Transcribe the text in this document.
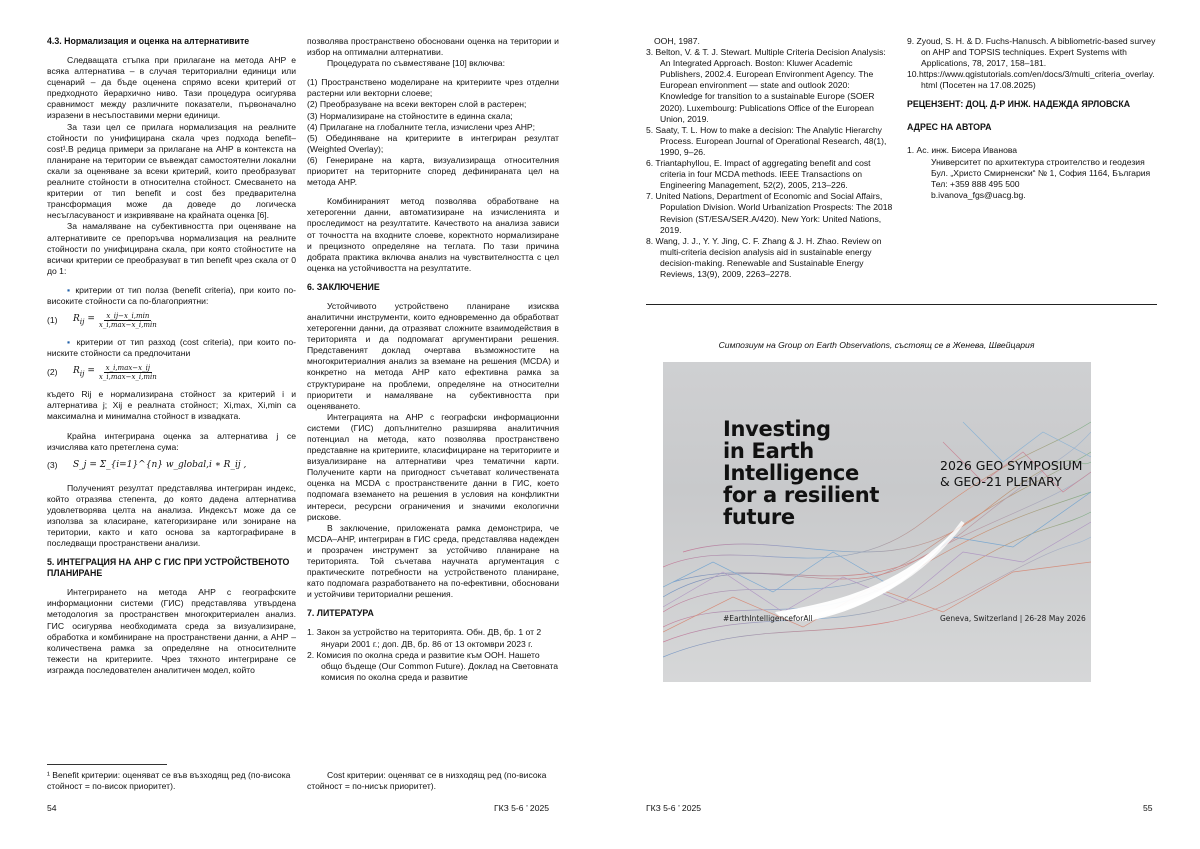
4.3. Нормализация и оценка на алтернативите

Следващата стъпка при прилагане на метода AHP е всяка алтернатива – в случая териториални единици или сценарий – да бъде оценена спрямо всеки критерий от предходното йерархично ниво. Тази процедура осигурява сравнимост между различните показатели, първоначално изразени в несъпоставими мерни единици.

За тази цел се прилага нормализация на реалните стойности по унифицирана скала чрез подхода benefit–cost¹.В редица примери за прилагане на AHP в контекста на планиране на територии се въвеждат самостоятелни локални скали за оценяване за всеки критерий, които преобразуват реалните стойности в относителна стойност. Смесването на критерии от тип benefit и cost без предварителна трансформация може да доведе до логическа несъгласуваност и изкривяване на крайната оценка [6].

За намаляване на субективността при оценяване на алтернативите се препоръчва нормализация на реалните стойности по унифицирана скала, при която стойностите на всички критерии се преобразуват в тип benefit чрез скала от 0 до 1:

▪ критерии от тип полза (benefit criteria), при които по-високите стойности са по-благоприятни:

(1)	$R_{ij} = \frac{x\_ij-x\_i,\min}{x\_i,\max-x\_i,\min}$

▪ критерии от тип разход (cost criteria), при които по-ниските стойности са предпочитани

(2)	$R_{ij} = \frac{x\_i,\max-x\_ij}{x\_i,\max-x\_i,\min}$

където Rij е нормализирана стойност за критерий i и алтернатива j; Xij е реалната стойност; Xi,max, Xi,min са максимална и минимална стойност в извадката.

Крайна интегрирана оценка за алтернатива j се изчислява като претеглена сума:

(3)	S_j = Σ_{i=1}^{n} w_global,i ∗ R_ij ,

Полученият резултат представлява интегриран индекс, който отразява степента, до която дадена алтернатива удовлетворява целта на анализа. Индексът може да се използва за класиране, категоризиране или зониране на територии, както и като основа за картографиране в последващи пространствени анализи.

5. ИНТЕГРАЦИЯ НА AHP С ГИС ПРИ УСТРОЙСТВЕНОТО ПЛАНИРАНЕ

Интегрирането на метода AHP с географските информационни системи (ГИС) представлява утвърдена методология за пространствен многокритериален анализ. ГИС осигурява необходимата среда за визуализиране, обработка и комбиниране на пространствени данни, а AHP – количествена рамка за определяне на относителните тежести на критериите. Чрез тяхното интегриране се изгражда последователен аналитичен модел, който

¹ Benefit критерии: оценяват се във възходящ ред (по-висока стойност = по-висок приоритет).
54

позволява пространствено обосновани оценка на територии и избор на оптимални алтернативи.

Процедурата по съвместяване [10] включва:

(1) Пространствено моделиране на критериите чрез отделни растерни или векторни слоеве;

(2) Преобразуване на всеки векторен слой в растерен;

(3) Нормализиране на стойностите в единна скала;

(4) Прилагане на глобалните тегла, изчислени чрез AHP;

(5) Обединяване на критериите в интегриран резултат (Weighted Overlay);

(6) Генериране на карта, визуализираща относителния приоритет на територните според дефинираната цел на метода AHP.

Комбинираният метод позволява обработване на хетерогенни данни, автоматизиране на изчисленията и проследимост на резултатите. Качеството на анализа зависи от точността на входните слоеве, коректното нормализиране и прецизното определяне на теглата. По тази причина добрата практика включва анализ на чувствителността с цел оценка на устойчивостта на резултатите.

6. ЗАКЛЮЧЕНИЕ

Устойчивото устройствено планиране изисква аналитични инструменти, които едновременно да обработват хетерогенни данни, да отразяват сложните взаимодействия в територията и да подпомагат аргументирани решения. Представеният доклад очертава възможностите на многокритериалния анализ за вземане на решения (MCDA) и конкретно на метода AHP като ефективна рамка за структуриране на проблеми, определяне на относителни приоритети и намаляване на субективността при оценяването.

Интеграцията на AHP с географски информационни системи (ГИС) допълнително разширява аналитичния потенциал на метода, като позволява пространствено представяне на критериите, класифициране на териториите и визуализиране на алтернативи чрез тематични карти. Получените карти на пригодност съчетават количествената оценка на MCDA с пространствените данни в ГИС, което подпомага вземането на решения в условия на конфликтни интереси, ресурсни ограничения и значими екологични рискове.

В заключение, приложената рамка демонстрира, че MCDA–AHP, интегриран в ГИС среда, представлява надежден и прозрачен инструмент за устойчиво планиране на територията. Той съчетава научната аргументация с практическите потребности на устройственото планиране, като подпомага разработването на по-ефективни, обосновани и устойчиви териториални решения.

7. ЛИТЕРАТУРА
1. Закон за устройство на територията. Обн. ДВ, бр. 1 от 2 януари 2001 г.; доп. ДВ, бр. 86 от 13 октомври 2023 г.
2. Комисия по околна среда и развитие към ООН. Нашето общо бъдеще (Our Common Future). Доклад на Световната комисия по околна среда и развитие
Cost критерии: оценяват се в низходящ ред (по-висока стойност = по-нисък приоритет).
ГКЗ 5-6 ’ 2025
ООН, 1987.
3. Belton, V. & T. J. Stewart. Multiple Criteria Decision Analysis: An Integrated Approach. Boston: Kluwer Academic Publishers, 2002.4. European Environment Agency. The European environment — state and outlook 2020: Knowledge for transition to a sustainable Europe (SOER 2020). Luxembourg: Publications Office of the European Union, 2019.
5. Saaty, T. L. How to make a decision: The Analytic Hierarchy Process. European Journal of Operational Research, 48(1), 1990, 9–26.
6. Triantaphyllou, E. Impact of aggregating benefit and cost criteria in four MCDA methods. IEEE Transactions on Engineering Management, 52(2), 2005, 213–226.
7. United Nations, Department of Economic and Social Affairs, Population Division. World Urbanization Prospects: The 2018 Revision (ST/ESA/SER.A/420). New York: United Nations, 2019.
8. Wang, J. J., Y. Y. Jing, C. F. Zhang & J. H. Zhao. Review on multi-criteria decision analysis aid in sustainable energy decision-making. Renewable and Sustainable Energy Reviews, 13(9), 2009, 2263–2278.
9. Zyoud, S. H. & D. Fuchs-Hanusch. A bibliometric-based survey on AHP and TOPSIS techniques. Expert Systems with Applications, 78, 2017, 158–181.
10.https://www.qgistutorials.com/en/docs/3/multi_criteria_overlay.html (Посетен на 17.08.2025)
РЕЦЕНЗЕНТ: ДОЦ. Д-Р ИНЖ. НАДЕЖДА ЯРЛОВСКА
АДРЕС НА АВТОРА

1. Ас. инж. Бисера Иванова

Университет по архитектура строителство и геодезия

Бул. „Христо Смирненски“ № 1, София 1164, България

Тел: +359 888 495 500

b.ivanova_fgs@uacg.bg.

Симпозиум на Group on Earth Observations, състоящ се в Женева, Швейцария
Investing
in Earth
Intelligence
for a resilient
future
2026 GEO SYMPOSIUM
& GEO-21 PLENARY
#EarthIntelligenceforAll	Geneva, Switzerland | 26-28 May 2026
ГКЗ 5-6 ’ 2025	55
